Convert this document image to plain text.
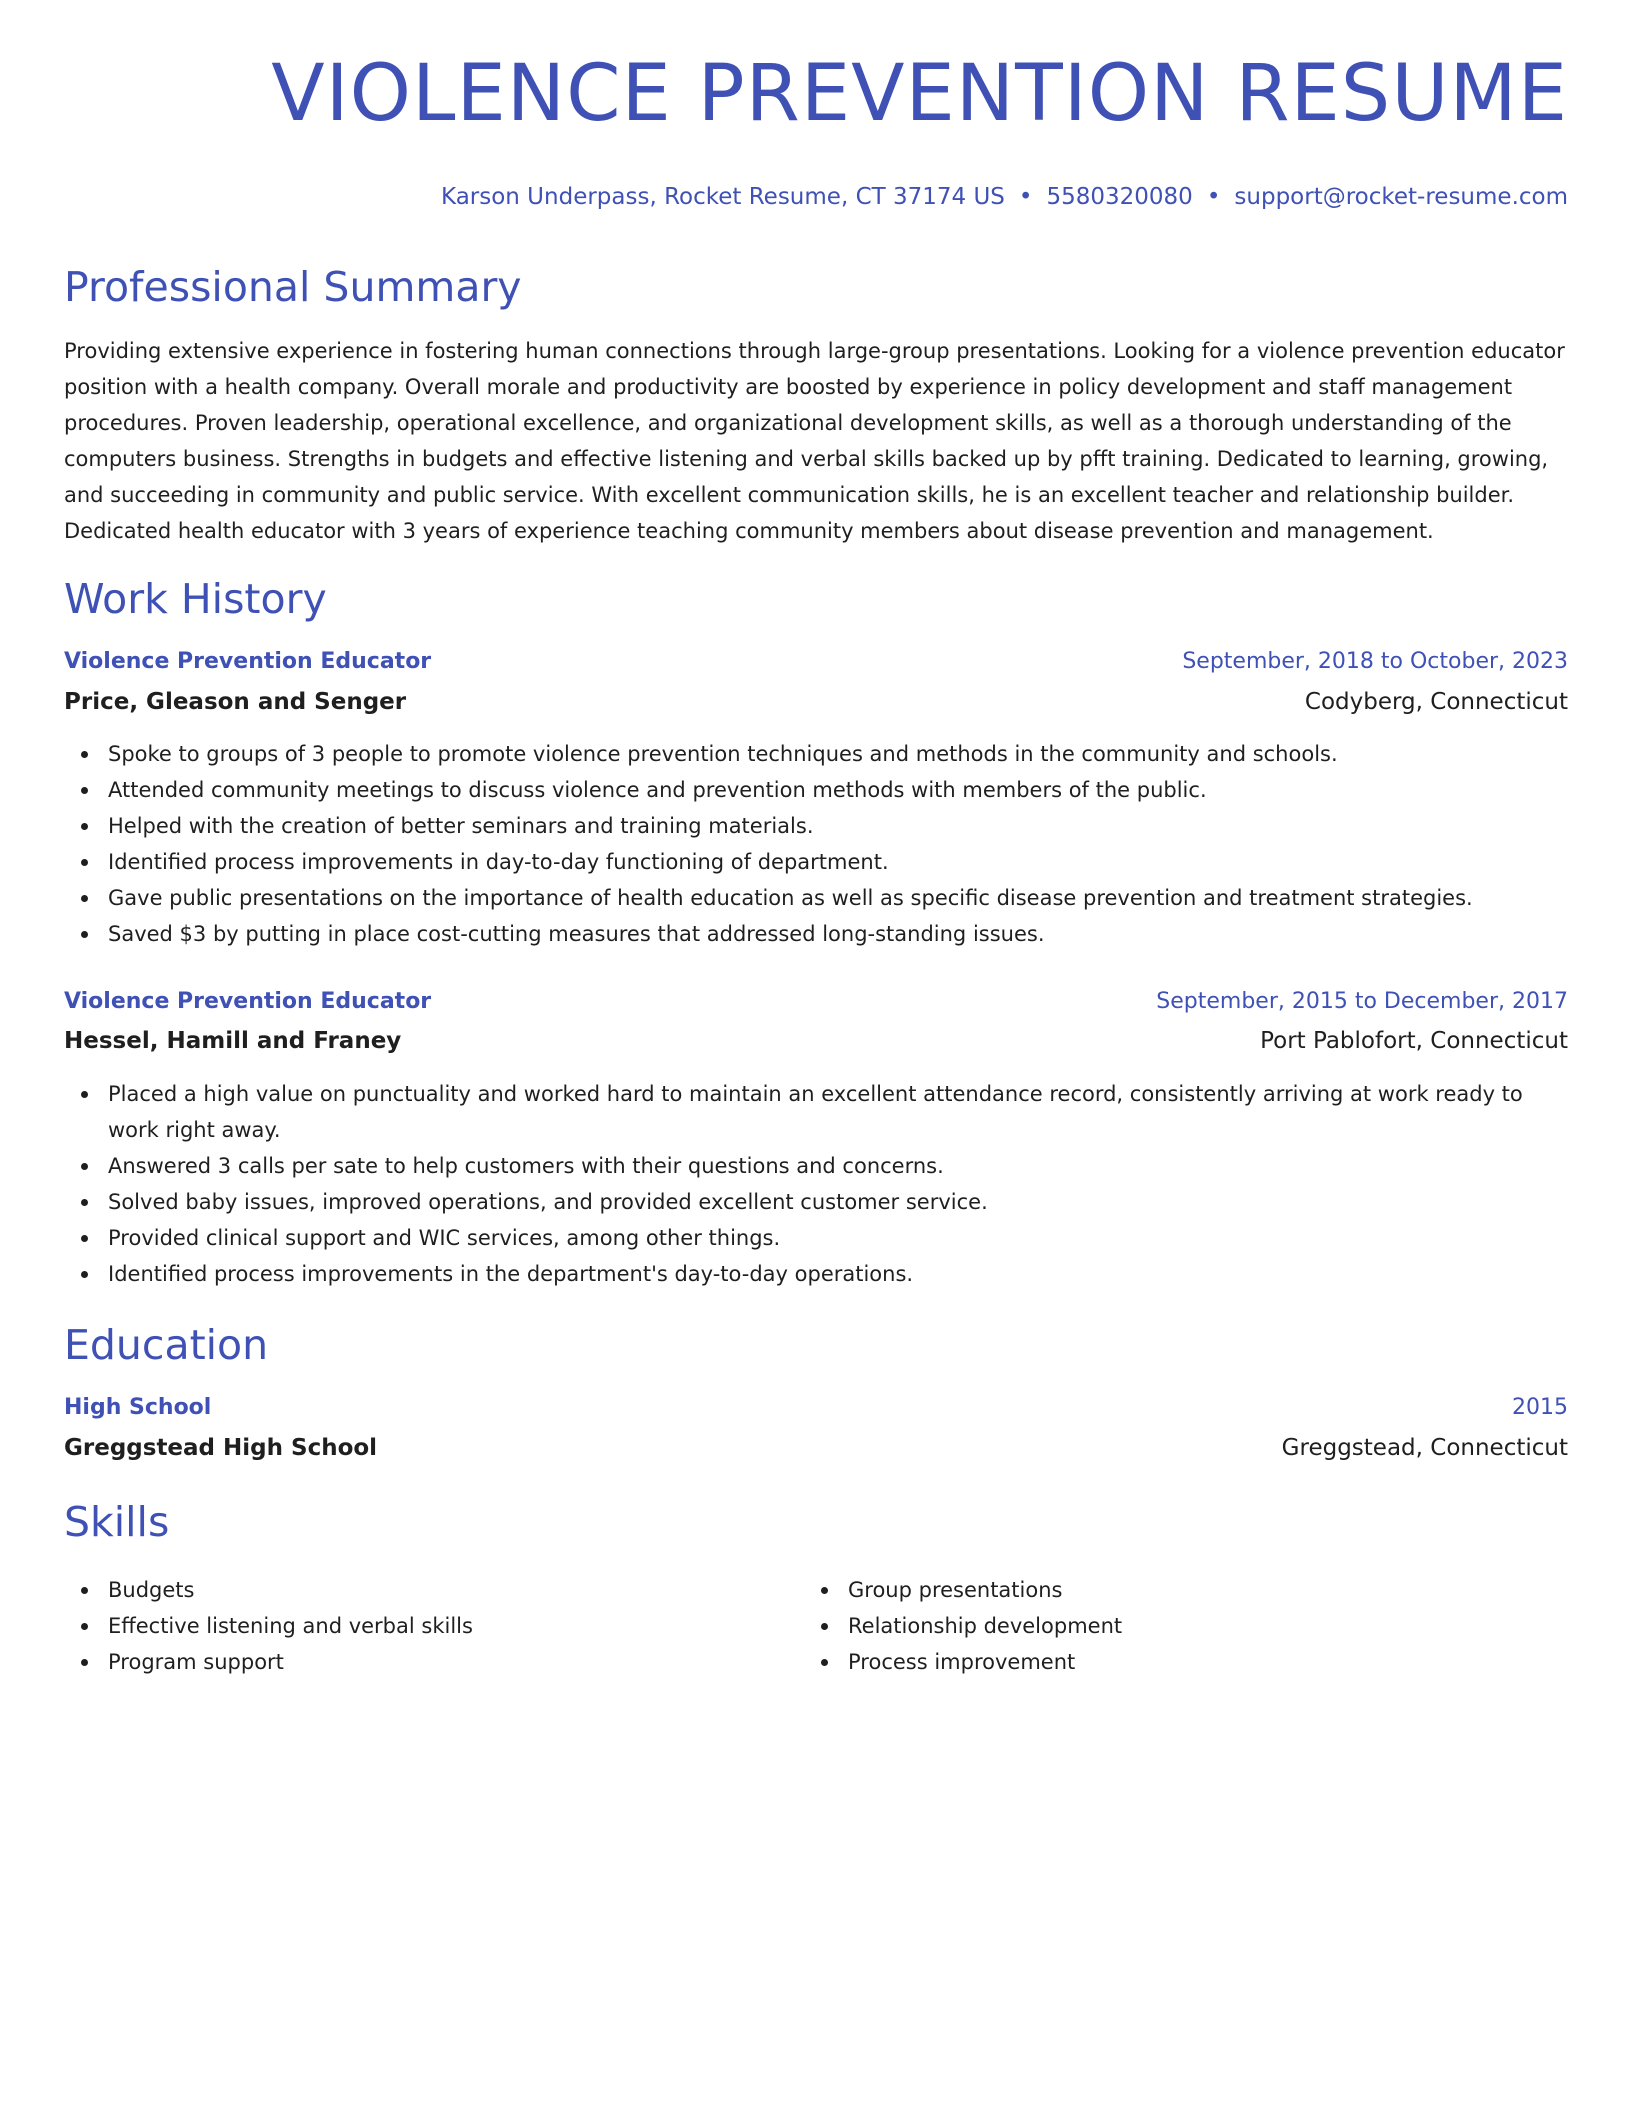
VIOLENCE PREVENTION RESUME
Karson Underpass, Rocket Resume, CT 37174 US • 5580320080 • support@rocket-resume.com
Professional Summary

Providing extensive experience in fostering human connections through large-group presentations. Looking for a violence prevention educator position with a health company. Overall morale and productivity are boosted by experience in policy development and staff management procedures. Proven leadership, operational excellence, and organizational development skills, as well as a thorough understanding of the computers business. Strengths in budgets and effective listening and verbal skills backed up by pfft training. Dedicated to learning, growing, and succeeding in community and public service. With excellent communication skills, he is an excellent teacher and relationship builder. Dedicated health educator with 3 years of experience teaching community members about disease prevention and management.

Work History
Violence Prevention Educator	September, 2018 to October, 2023
Price, Gleason and Senger	Codyberg, Connecticut
Spoke to groups of 3 people to promote violence prevention techniques and methods in the community and schools.
Attended community meetings to discuss violence and prevention methods with members of the public.
Helped with the creation of better seminars and training materials.
Identified process improvements in day-to-day functioning of department.
Gave public presentations on the importance of health education as well as specific disease prevention and treatment strategies.
Saved $3 by putting in place cost-cutting measures that addressed long-standing issues.
Violence Prevention Educator	September, 2015 to December, 2017
Hessel, Hamill and Franey	Port Pablofort, Connecticut
Placed a high value on punctuality and worked hard to maintain an excellent attendance record, consistently arriving at work ready to work right away.
Answered 3 calls per sate to help customers with their questions and concerns.
Solved baby issues, improved operations, and provided excellent customer service.
Provided clinical support and WIC services, among other things.
Identified process improvements in the department's day-to-day operations.
Education
High School	2015
Greggstead High School	Greggstead, Connecticut
Skills
Budgets
Effective listening and verbal skills
Program support
Group presentations
Relationship development
Process improvement
